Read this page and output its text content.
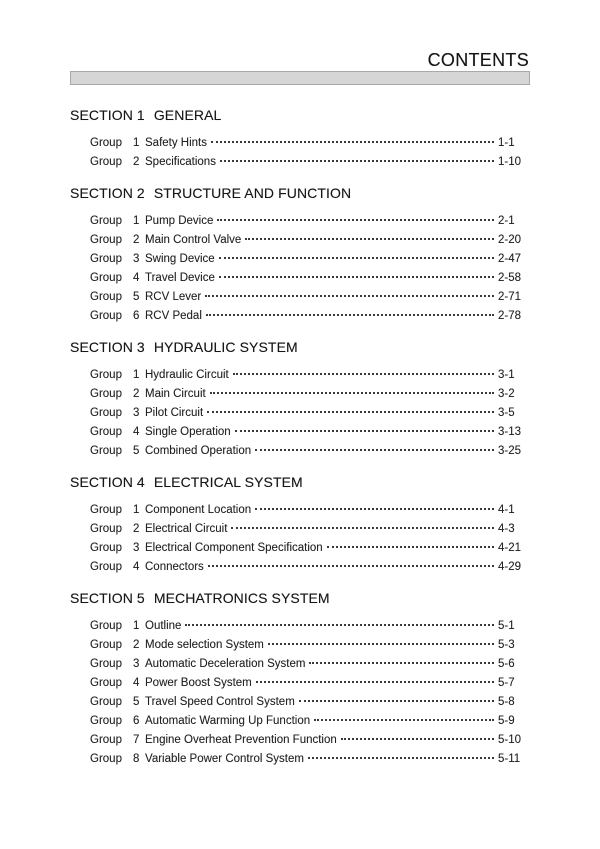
CONTENTS
SECTION 1 GENERAL
Group 1 Safety Hints	1-1
Group 2 Specifications	1-10
SECTION 2 STRUCTURE AND FUNCTION
Group 1 Pump Device	2-1
Group 2 Main Control Valve	2-20
Group 3 Swing Device	2-47
Group 4 Travel Device	2-58
Group 5 RCV Lever	2-71
Group 6 RCV Pedal	2-78
SECTION 3 HYDRAULIC SYSTEM
Group 1 Hydraulic Circuit	3-1
Group 2 Main Circuit	3-2
Group 3 Pilot Circuit	3-5
Group 4 Single Operation	3-13
Group 5 Combined Operation	3-25
SECTION 4 ELECTRICAL SYSTEM
Group 1 Component Location	4-1
Group 2 Electrical Circuit	4-3
Group 3 Electrical Component Specification	4-21
Group 4 Connectors	4-29
SECTION 5 MECHATRONICS SYSTEM
Group 1 Outline	5-1
Group 2 Mode selection System	5-3
Group 3 Automatic Deceleration System	5-6
Group 4 Power Boost System	5-7
Group 5 Travel Speed Control System	5-8
Group 6 Automatic Warming Up Function	5-9
Group 7 Engine Overheat Prevention Function	5-10
Group 8 Variable Power Control System	5-11
